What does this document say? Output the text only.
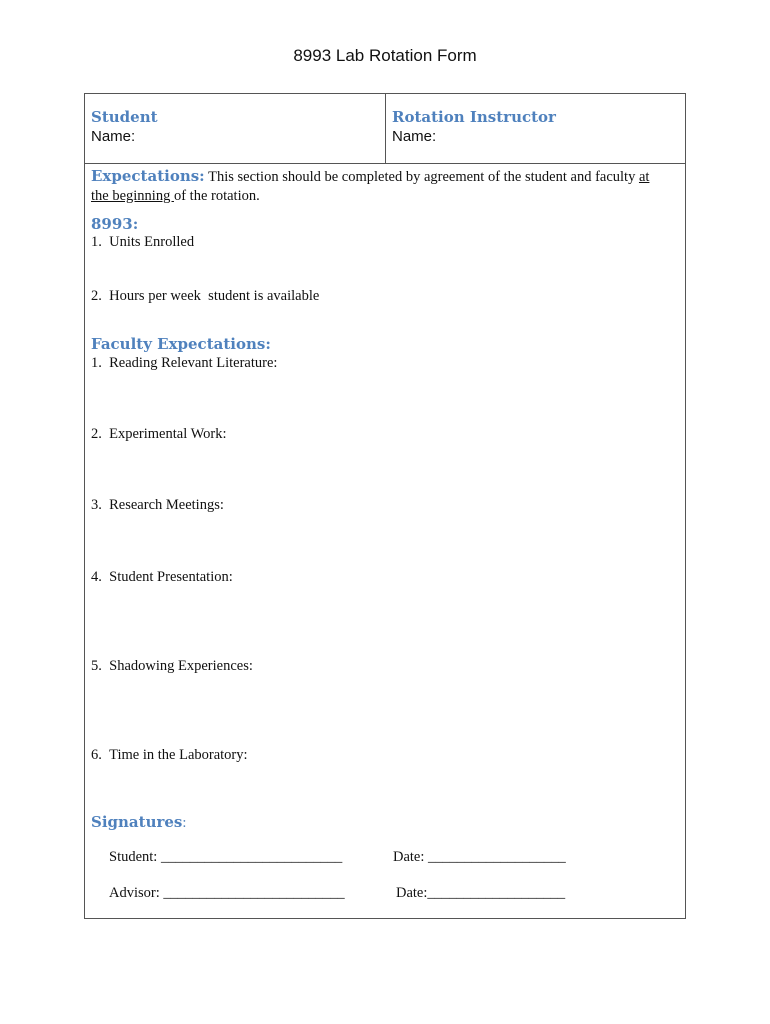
8993 Lab Rotation Form
Student
Name:
Rotation Instructor
Name:
Expectations: This section should be completed by agreement of the student and faculty at
the beginning of the rotation.
8993:
1. Units Enrolled
2. Hours per week  student is available
Faculty Expectations:
1. Reading Relevant Literature:
2. Experimental Work:
3. Research Meetings:
4. Student Presentation:
5. Shadowing Experiences:
6. Time in the Laboratory:
Signatures:
Student: _________________________	Date: ___________________
Advisor: _________________________	Date:___________________
